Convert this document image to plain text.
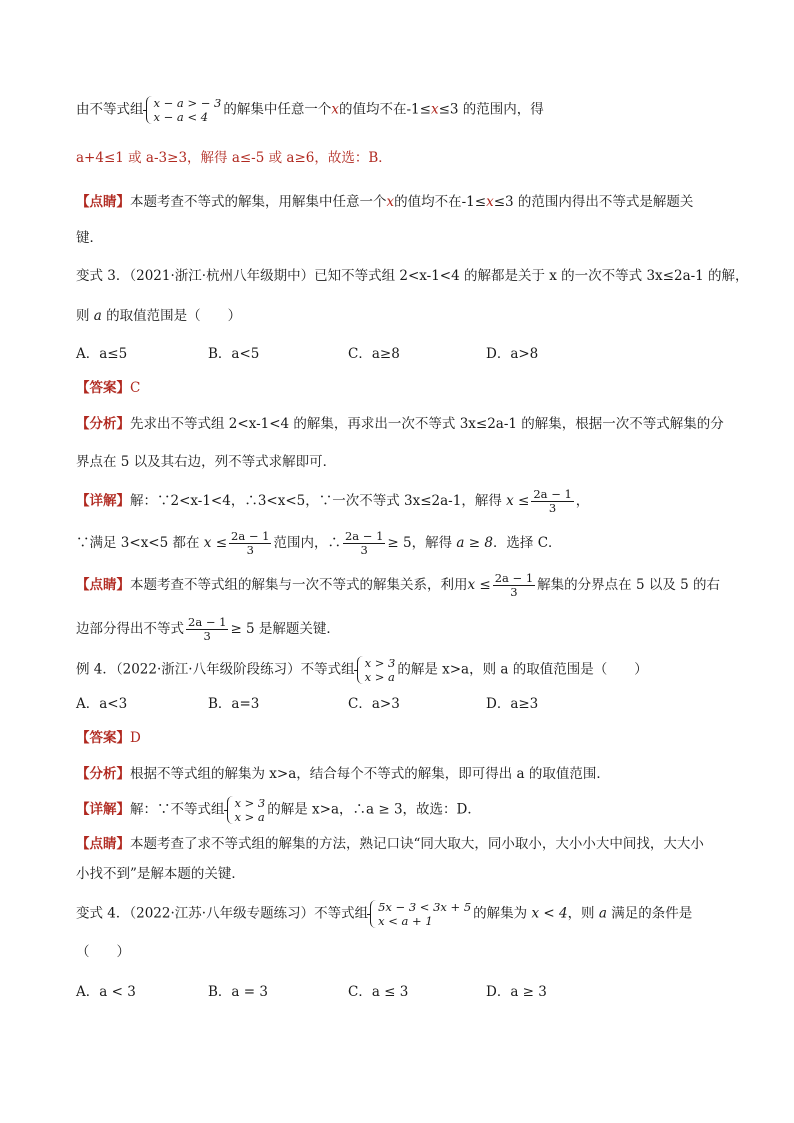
由不等式组 x − a > − 3
x − a < 4	的解集中任意一个x的值均不在-1≤x≤3 的范围内，得
a+4≤1 或 a-3≥3，解得 a≤-5 或 a≥6，故选：B．
【点睛】本题考查不等式的解集，用解集中任意一个x的值均不在-1≤x≤3 的范围内得出不等式是解题关
键．
变式 3．（2021·浙江·杭州八年级期中）已知不等式组 2<x-1<4 的解都是关于 x 的一次不等式 3x≤2a-1 的解，
则 a 的取值范围是（　　）
A．a≤5	B．a<5	C．a≥8	D．a>8
【答案】C
【分析】先求出不等式组 2<x-1<4 的解集，再求出一次不等式 3x≤2a-1 的解集，根据一次不等式解集的分
界点在 5 以及其右边，列不等式求解即可．
【详解】解：∵2<x-1<4，∴3<x<5，∵一次不等式 3x≤2a-1，解得 $x \le \frac{2a - 1}{3}$ ，
∵满足 3<x<5 都在 $x \le \frac{2a - 1}{3}$ 范围内，∴ $\frac{2a - 1}{3} \ge 5$，解得 a ≥ 8．选择 C．
【点睛】本题考查不等式组的解集与一次不等式的解集关系，利用$x \le \frac{2a - 1}{3}$ 解集的分界点在 5 以及 5 的右
边部分得出不等式 $\frac{2a - 1}{3} \ge 5$ 是解题关键．
例 4．（2022·浙江·八年级阶段练习）不等式组 x > 3
x > a 的解是 x>a，则 a 的取值范围是（　　）
A．a<3	B．a=3	C．a>3	D．a≥3
【答案】D
【分析】根据不等式组的解集为 x>a，结合每个不等式的解集，即可得出 a 的取值范围．
【详解】解：∵不等式组 x > 3
x > a 的解是 x>a，∴a ≥ 3，故选：D．
【点睛】本题考查了求不等式组的解集的方法，熟记口诀“同大取大，同小取小，大小小大中间找，大大小
小找不到”是解本题的关键．
变式 4．（2022·江苏·八年级专题练习）不等式组 5x − 3 < 3x + 5
x < a + 1	的解集为 x < 4，则 a 满足的条件是
（　　）
A．a < 3	B．a = 3	C．a ≤ 3	D．a ≥ 3
